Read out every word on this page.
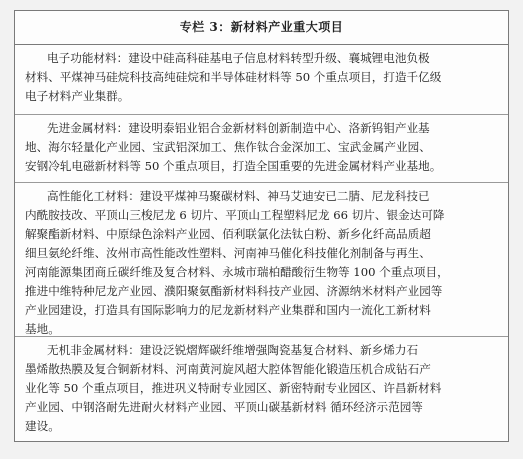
专栏 3：新材料产业重大项目
电子功能材料：建设中硅高科硅基电子信息材料转型升级、襄城锂电池负极
材料、平煤神马硅烷科技高纯硅烷和半导体硅材料等 50 个重点项目，打造千亿级
电子材料产业集群。
先进金属材料：建设明泰铝业铝合金新材料创新制造中心、洛新钨钼产业基
地、海尔轻量化产业园、宝武铝深加工、焦作钛合金深加工、宝武金属产业园、
安钢冷轧电磁新材料等 50 个重点项目，打造全国重要的先进金属材料产业基地。
高性能化工材料：建设平煤神马聚碳材料、神马艾迪安已二腈、尼龙科技已
内酰胺技改、平顶山三梭尼龙 6 切片、平顶山工程塑料尼龙 66 切片、银金达可降
解聚酯新材料、中原绿色涂料产业园、佰利联氯化法钛白粉、新乡化纤高品质超
细旦氨纶纤维、汝州市高性能改性塑料、河南神马催化科技催化剂制备与再生、
河南能源集团商丘碳纤维及复合材料、永城市瑞柏醋酸衍生物等 100 个重点项目，
推进中维特种尼龙产业园、濮阳聚氨酯新材料科技产业园、济源纳米材料产业园等
产业园建设，打造具有国际影响力的尼龙新材料产业集群和国内一流化工新材料
基地。
无机非金属材料：建设泛锐熠辉碳纤维增强陶瓷基复合材料、新乡烯力石
墨烯散热膜及复合铜新材料、河南黄河旋风超大腔体智能化锻造压机合成钻石产
业化等 50 个重点项目，推进巩义特耐专业园区、新密特耐专业园区、许昌新材料
产业园、中钢洛耐先进耐火材料产业园、平顶山碳基新材料 循环经济示范园等
建设。
